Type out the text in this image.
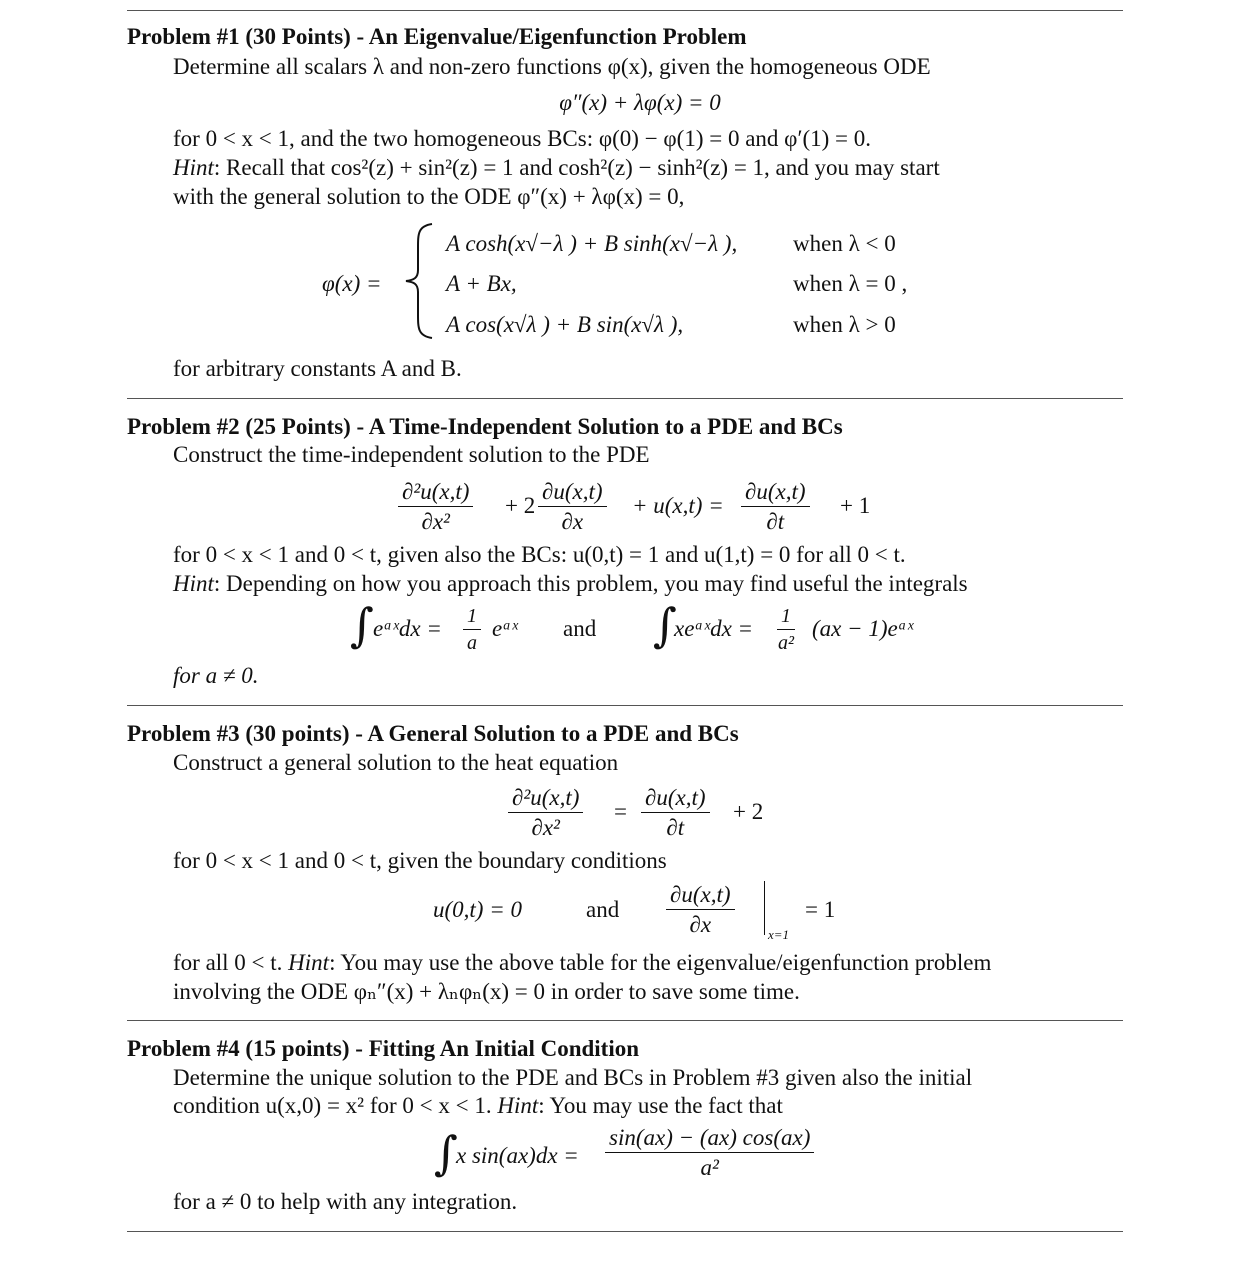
Problem #1 (30 Points) - An Eigenvalue/Eigenfunction Problem
Determine all scalars λ and non-zero functions φ(x), given the homogeneous ODE
φ″(x) + λφ(x) = 0
for 0 < x < 1, and the two homogeneous BCs: φ(0) − φ(1) = 0 and φ′(1) = 0.
Hint: Recall that cos²(z) + sin²(z) = 1 and cosh²(z) − sinh²(z) = 1, and you may start
with the general solution to the ODE φ″(x) + λφ(x) = 0,
φ(x) =
A cosh(x√−λ ) + B sinh(x√−λ ), when λ < 0
A + Bx,	when λ = 0 ,
A cos(x√λ ) + B sin(x√λ ),	when λ > 0
for arbitrary constants A and B.
Problem #2 (25 Points) - A Time-Independent Solution to a PDE and BCs
Construct the time-independent solution to the PDE
$\frac{\text{∂²u(x,t)}}{\text{∂x²}} + 2 \frac{\partial u(x,t)}{\partial x} + u(x,t) = \frac{\partial u(x,t)}{\partial t} + 1$
for 0 < x < 1 and 0 < t, given also the BCs: u(0,t) = 1 and u(1,t) = 0 for all 0 < t.
Hint: Depending on how you approach this problem, you may find useful the integrals
∫ eᵃˣdx = $\frac{1}{a}$ eᵃˣ and ∫
xeᵃˣdx = $\frac{1}{\text{a²}} (ax$ − 1)eᵃˣ
for a ≠ 0.
Problem #3 (30 points) - A General Solution to a PDE and BCs
Construct a general solution to the heat equation
$\frac{\text{∂²u(x,t)}}{\text{∂x²}} = \frac{\partial u(x,t)}{\partial t} + 2$
for 0 < x < 1 and 0 < t, given the boundary conditions
u(0,t) = 0	and $\frac{\partial u(x,t)}{\partial x}$	x=1
= 1
for all 0 < t. Hint: You may use the above table for the eigenvalue/eigenfunction problem
involving the ODE φₙ″(x) + λₙφₙ(x) = 0 in order to save some time.
Problem #4 (15 points) - Fitting An Initial Condition
Determine the unique solution to the PDE and BCs in Problem #3 given also the initial
condition u(x,0) = x² for 0 < x < 1. Hint: You may use the fact that
∫
x $\sin(ax)dx = \frac{\sin(ax) - (ax) \cos(ax)}{\text{a²}}$
for a ≠ 0 to help with any integration.
